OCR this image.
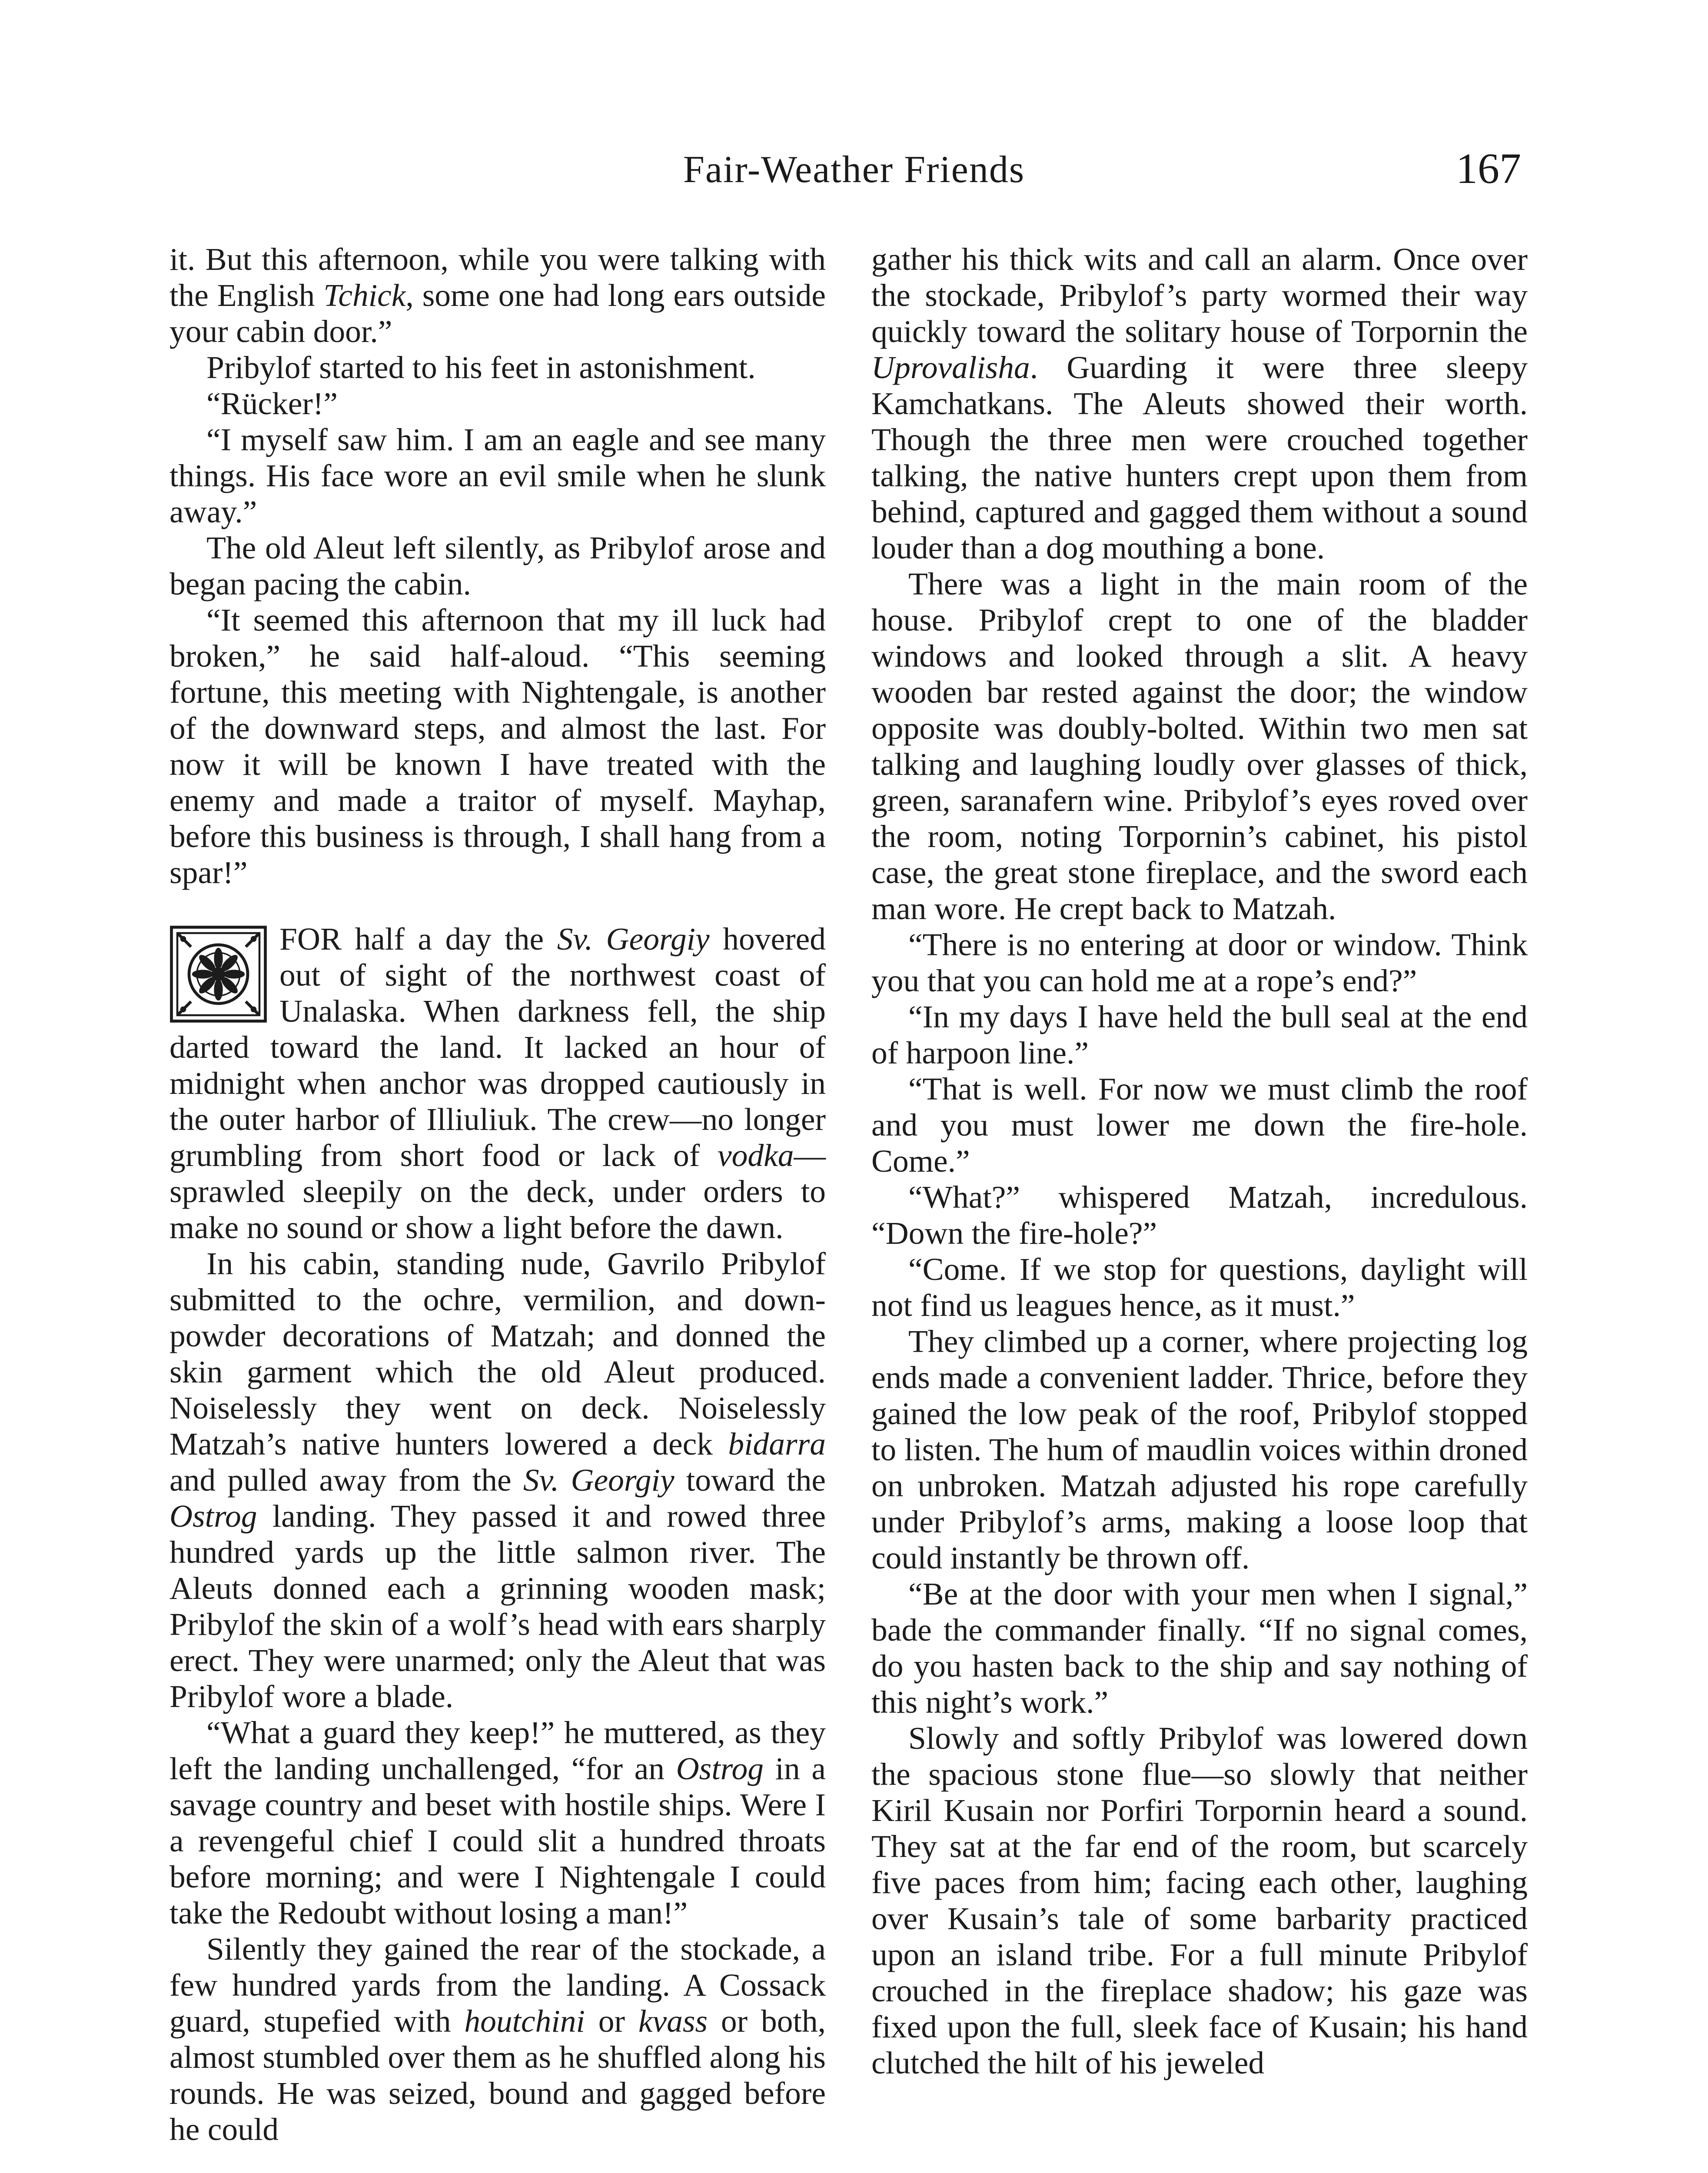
Fair-Weather Friends	167

it. But this afternoon, while you were talking with the English Tchick, some one had long ears outside your cabin door.”

Pribylof started to his feet in astonishment.

“Rücker!”

“I myself saw him. I am an eagle and see many things. His face wore an evil smile when he slunk away.”

The old Aleut left silently, as Pribylof arose and began pacing the cabin.

“It seemed this afternoon that my ill luck had broken,” he said half-aloud. “This seeming fortune, this meeting with Nightengale, is another of the downward steps, and almost the last. For now it will be known I have treated with the enemy and made a traitor of myself. Mayhap, before this business is through, I shall hang from a spar!”

FOR half a day the Sv. Georgiy hovered out of sight of the northwest coast of Unalaska. When darkness fell, the ship darted toward the land. It lacked an hour of midnight when anchor was dropped cautiously in the outer harbor of Illiuliuk. The crew—no longer grumbling from short food or lack of vodka—sprawled sleepily on the deck, under orders to make no sound or show a light before the dawn.

In his cabin, standing nude, Gavrilo Pribylof submitted to the ochre, vermilion, and down-powder decorations of Matzah; and donned the skin garment which the old Aleut produced. Noiselessly they went on deck. Noiselessly Matzah’s native hunters lowered a deck bidarra and pulled away from the Sv. Georgiy toward the Ostrog landing. They passed it and rowed three hundred yards up the little salmon river. The Aleuts donned each a grinning wooden mask; Pribylof the skin of a wolf’s head with ears sharply erect. They were unarmed; only the Aleut that was Pribylof wore a blade.

“What a guard they keep!” he muttered, as they left the landing unchallenged, “for an Ostrog in a savage country and beset with hostile ships. Were I a revengeful chief I could slit a hundred throats before morning; and were I Nightengale I could take the Redoubt without losing a man!”

Silently they gained the rear of the stockade, a few hundred yards from the landing. A Cossack guard, stupefied with houtchini or kvass or both, almost stumbled over them as he shuffled along his rounds. He was seized, bound and gagged before he could

gather his thick wits and call an alarm. Once over the stockade, Pribylof’s party wormed their way quickly toward the solitary house of Torpornin the Uprovalisha. Guarding it were three sleepy Kamchatkans. The Aleuts showed their worth. Though the three men were crouched together talking, the native hunters crept upon them from behind, captured and gagged them without a sound louder than a dog mouthing a bone.

There was a light in the main room of the house. Pribylof crept to one of the bladder windows and looked through a slit. A heavy wooden bar rested against the door; the window opposite was doubly-bolted. Within two men sat talking and laughing loudly over glasses of thick, green, saranafern wine. Pribylof’s eyes roved over the room, noting Torpornin’s cabinet, his pistol case, the great stone fireplace, and the sword each man wore. He crept back to Matzah.

“There is no entering at door or window. Think you that you can hold me at a rope’s end?”

“In my days I have held the bull seal at the end of harpoon line.”

“That is well. For now we must climb the roof and you must lower me down the fire-hole. Come.”

“What?” whispered Matzah, incredulous. “Down the fire-hole?”

“Come. If we stop for questions, daylight will not find us leagues hence, as it must.”

They climbed up a corner, where projecting log ends made a convenient ladder. Thrice, before they gained the low peak of the roof, Pribylof stopped to listen. The hum of maudlin voices within droned on unbroken. Matzah adjusted his rope carefully under Pribylof’s arms, making a loose loop that could instantly be thrown off.

“Be at the door with your men when I signal,” bade the commander finally. “If no signal comes, do you hasten back to the ship and say nothing of this night’s work.”

Slowly and softly Pribylof was lowered down the spacious stone flue—so slowly that neither Kiril Kusain nor Porfiri Torpornin heard a sound. They sat at the far end of the room, but scarcely five paces from him; facing each other, laughing over Kusain’s tale of some barbarity practiced upon an island tribe. For a full minute Pribylof crouched in the fireplace shadow; his gaze was fixed upon the full, sleek face of Kusain; his hand clutched the hilt of his jeweled
